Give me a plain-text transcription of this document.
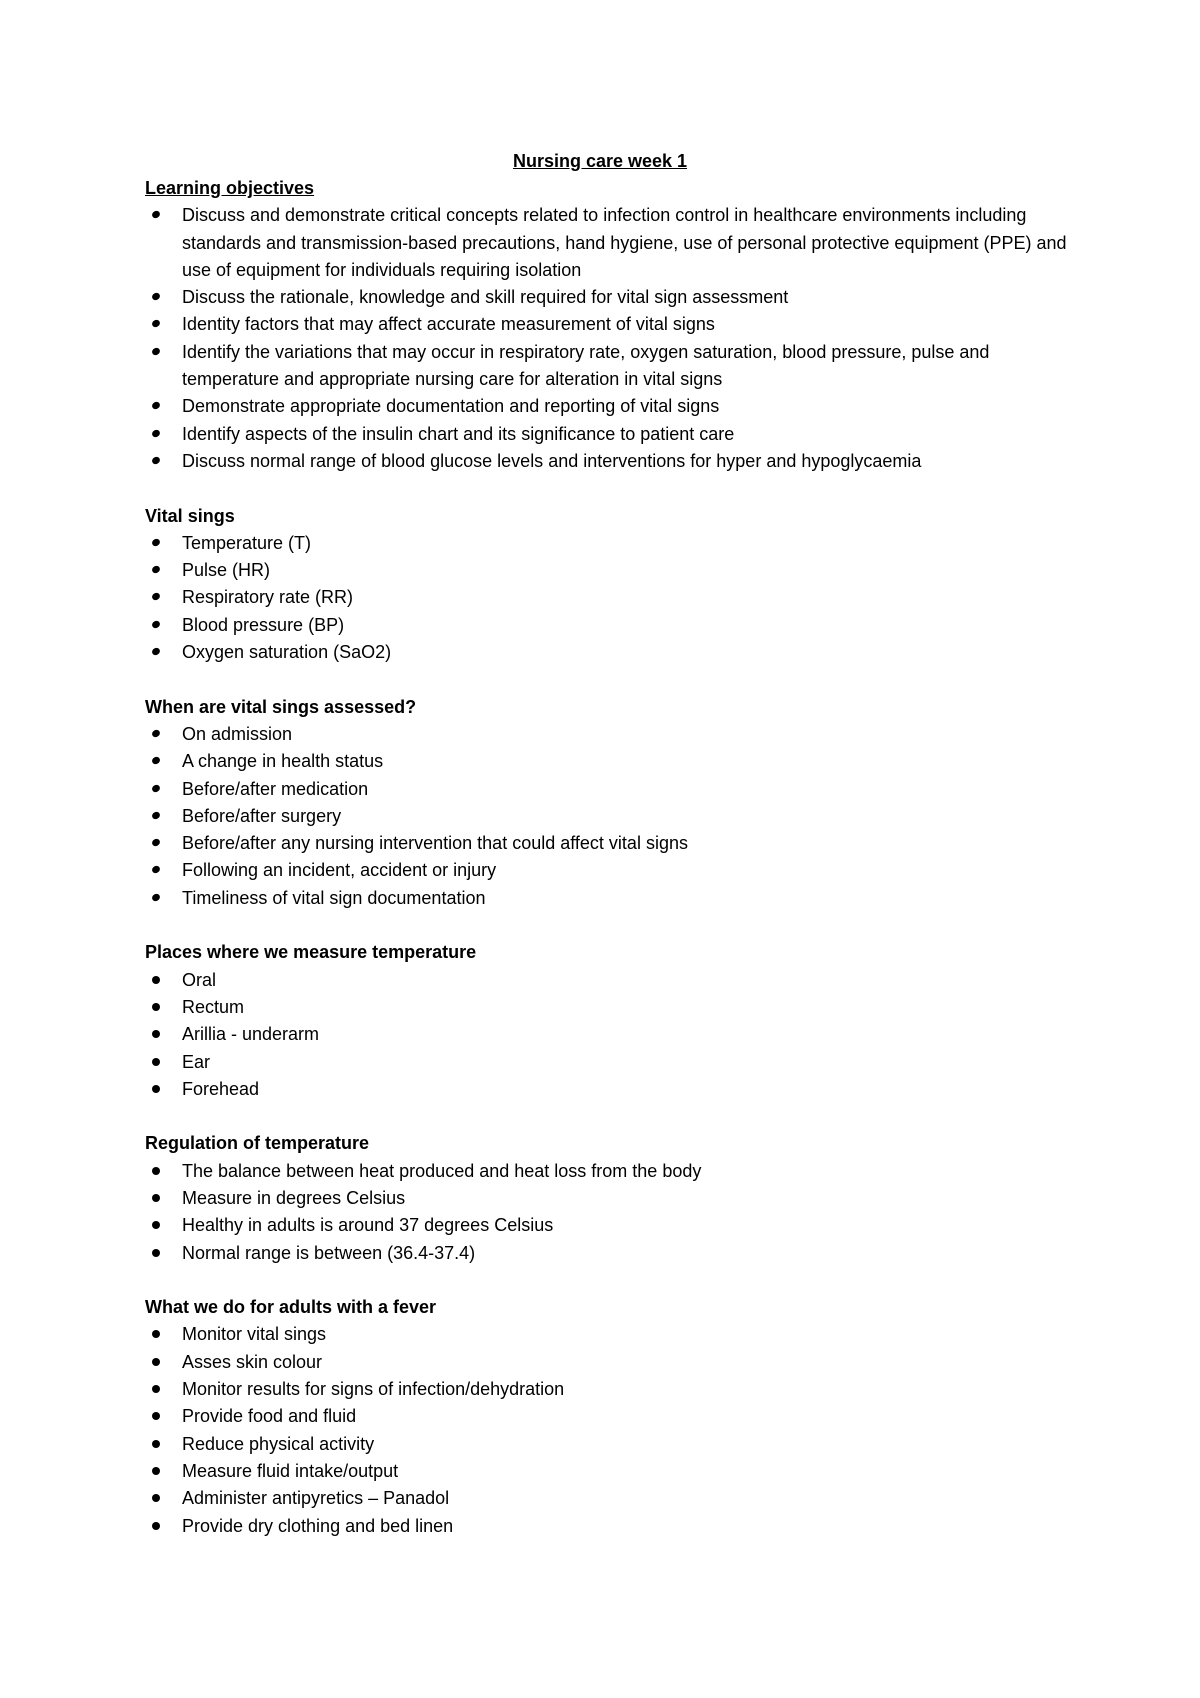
Nursing care week 1
Learning objectives
Discuss and demonstrate critical concepts related to infection control in healthcare environments including standards and transmission-based precautions, hand hygiene, use of personal protective equipment (PPE) and use of equipment for individuals requiring isolation
Discuss the rationale, knowledge and skill required for vital sign assessment
Identity factors that may affect accurate measurement of vital signs
Identify the variations that may occur in respiratory rate, oxygen saturation, blood pressure, pulse and temperature and appropriate nursing care for alteration in vital signs
Demonstrate appropriate documentation and reporting of vital signs
Identify aspects of the insulin chart and its significance to patient care
Discuss normal range of blood glucose levels and interventions for hyper and hypoglycaemia
Vital sings
Temperature (T)
Pulse (HR)
Respiratory rate (RR)
Blood pressure (BP)
Oxygen saturation (SaO2)
When are vital sings assessed?
On admission
A change in health status
Before/after medication
Before/after surgery
Before/after any nursing intervention that could affect vital signs
Following an incident, accident or injury
Timeliness of vital sign documentation
Places where we measure temperature
Oral
Rectum
Arillia - underarm
Ear
Forehead
Regulation of temperature
The balance between heat produced and heat loss from the body
Measure in degrees Celsius
Healthy in adults is around 37 degrees Celsius
Normal range is between (36.4-37.4)
What we do for adults with a fever
Monitor vital sings
Asses skin colour
Monitor results for signs of infection/dehydration
Provide food and fluid
Reduce physical activity
Measure fluid intake/output
Administer antipyretics – Panadol
Provide dry clothing and bed linen
